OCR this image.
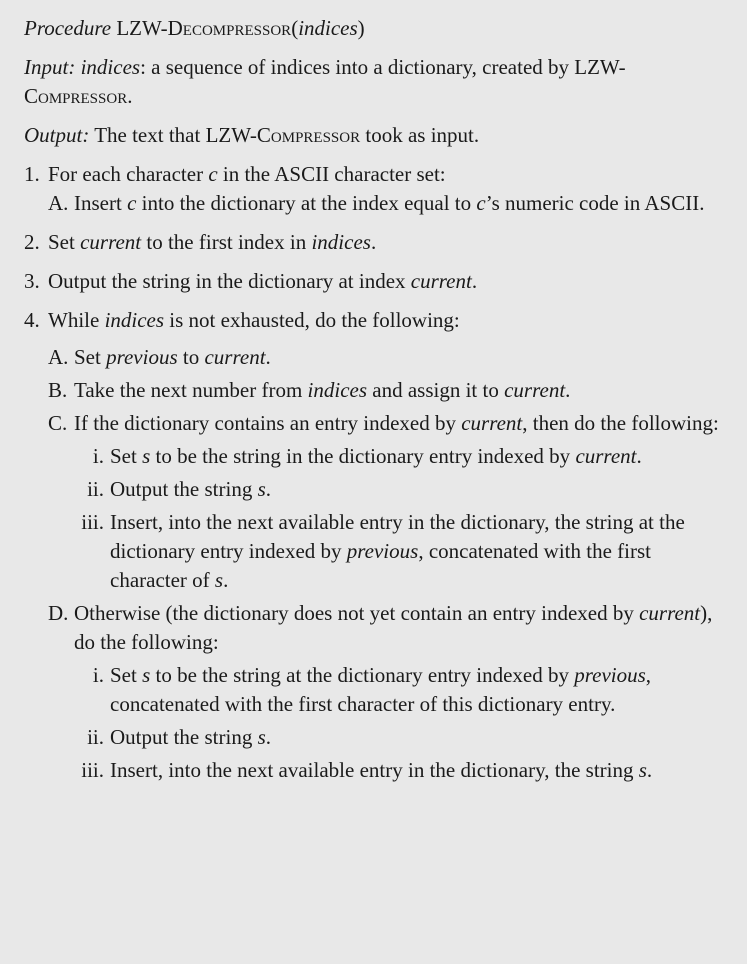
Procedure LZW-Decompressor(indices)

Input: indices: a sequence of indices into a dictionary, created by LZW-Compressor.

Output: The text that LZW-Compressor took as input.

1. For each character c in the ASCII character set:
A. Insert c into the dictionary at the index equal to c’s numeric code in ASCII.
2. Set current to the first index in indices.
3. Output the string in the dictionary at index current.
4. While indices is not exhausted, do the following:
A. Set previous to current.
B. Take the next number from indices and assign it to current.
C. If the dictionary contains an entry indexed by current, then do the following:
i. Set s to be the string in the dictionary entry indexed by current.
ii. Output the string s.
iii. Insert, into the next available entry in the dictionary, the string at the dictionary entry indexed by previous, concatenated with the first character of s.
D. Otherwise (the dictionary does not yet contain an entry indexed by current), do the following:
i. Set s to be the string at the dictionary entry indexed by previous, concatenated with the first character of this dictionary entry.
ii. Output the string s.
iii. Insert, into the next available entry in the dictionary, the string s.
